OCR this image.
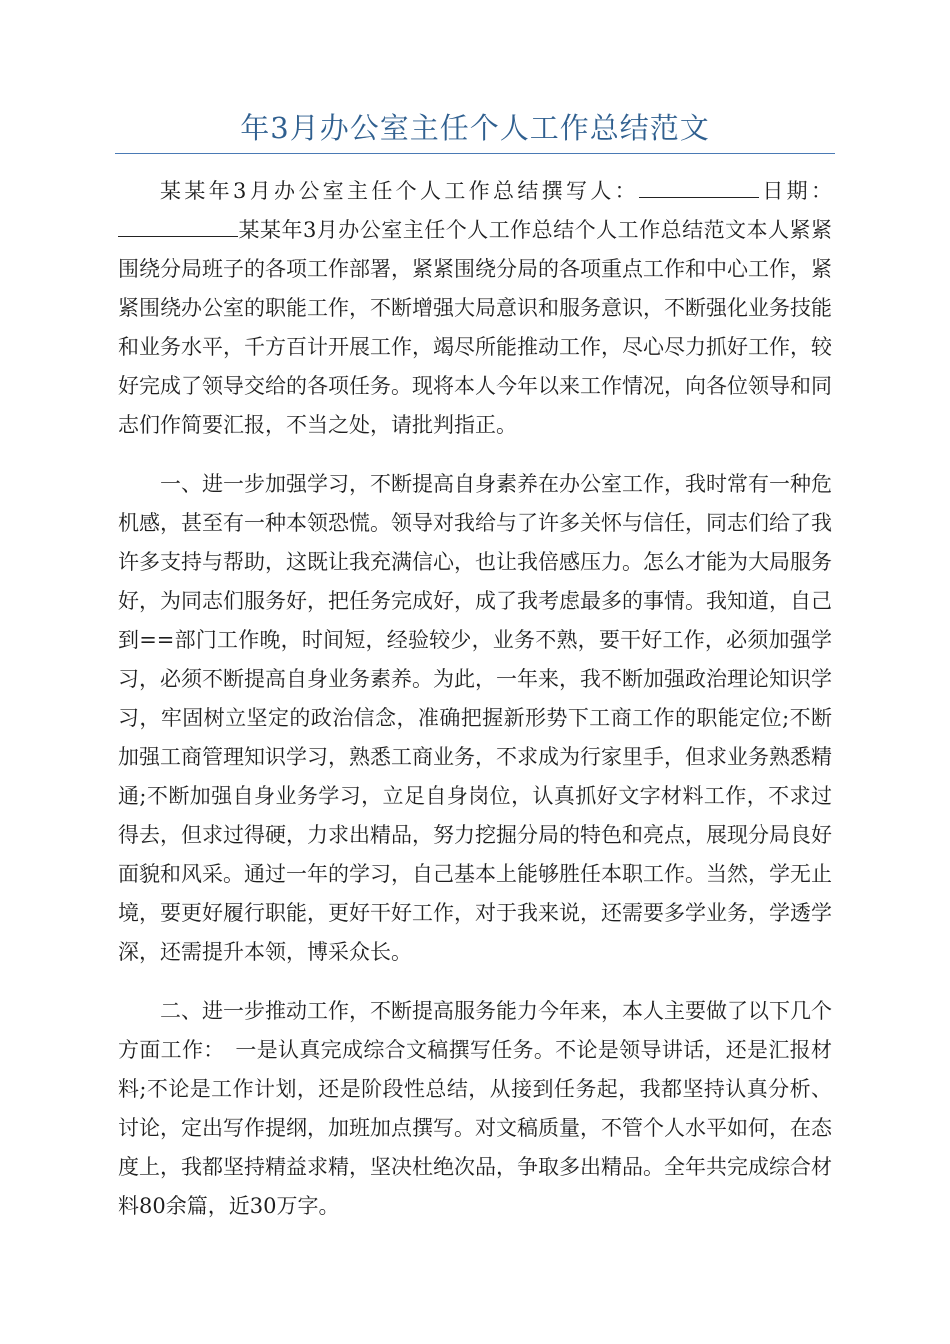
年3月办公室主任个人工作总结范文

某某年3月办公室主任个人工作总结撰写人：	日期：某某年3月办公室主任个人工作总结个人工作总结范文本人紧紧围绕分局班子的各项工作部署，紧紧围绕分局的各项重点工作和中心工作，紧紧围绕办公室的职能工作，不断增强大局意识和服务意识，不断强化业务技能和业务水平，千方百计开展工作，竭尽所能推动工作，尽心尽力抓好工作，较好完成了领导交给的各项任务。现将本人今年以来工作情况，向各位领导和同志们作简要汇报，不当之处，请批判指正。

一、进一步加强学习，不断提高自身素养在办公室工作，我时常有一种危机感，甚至有一种本领恐慌。领导对我给与了许多关怀与信任，同志们给了我许多支持与帮助，这既让我充满信心，也让我倍感压力。怎么才能为大局服务好，为同志们服务好，把任务完成好，成了我考虑最多的事情。我知道，自己到==部门工作晚，时间短，经验较少，业务不熟，要干好工作，必须加强学习，必须不断提高自身业务素养。为此，一年来，我不断加强政治理论知识学习，牢固树立坚定的政治信念，准确把握新形势下工商工作的职能定位;不断加强工商管理知识学习，熟悉工商业务，不求成为行家里手，但求业务熟悉精通;不断加强自身业务学习，立足自身岗位，认真抓好文字材料工作，不求过得去，但求过得硬，力求出精品，努力挖掘分局的特色和亮点，展现分局良好面貌和风采。通过一年的学习，自己基本上能够胜任本职工作。当然，学无止境，要更好履行职能，更好干好工作，对于我来说，还需要多学业务，学透学深，还需提升本领，博采众长。

二、进一步推动工作，不断提高服务能力今年来，本人主要做了以下几个方面工作：　一是认真完成综合文稿撰写任务。不论是领导讲话，还是汇报材料;不论是工作计划，还是阶段性总结，从接到任务起，我都坚持认真分析、讨论，定出写作提纲，加班加点撰写。对文稿质量，不管个人水平如何，在态度上，我都坚持精益求精，坚决杜绝次品，争取多出精品。全年共完成综合材料80余篇，近30万字。
